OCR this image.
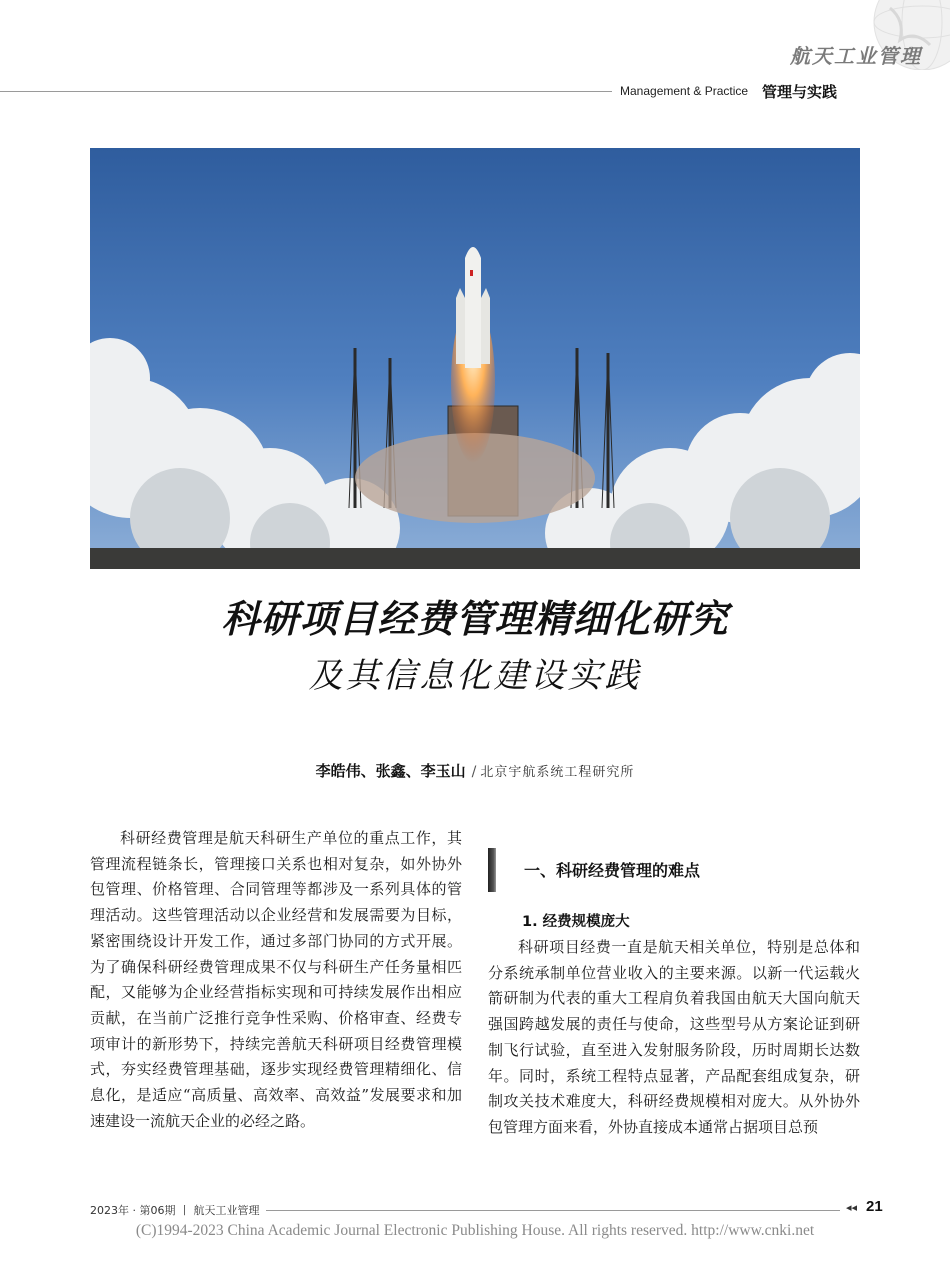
航天工业管理
Management & Practice 管理与实践
科研项目经费管理精细化研究
及其信息化建设实践
李皓伟、张鑫、李玉山 / 北京宇航系统工程研究所

科研经费管理是航天科研生产单位的重点工作，其管理流程链条长，管理接口关系也相对复杂，如外协外包管理、价格管理、合同管理等都涉及一系列具体的管理活动。这些管理活动以企业经营和发展需要为目标，紧密围绕设计开发工作，通过多部门协同的方式开展。为了确保科研经费管理成果不仅与科研生产任务量相匹配，又能够为企业经营指标实现和可持续发展作出相应贡献，在当前广泛推行竞争性采购、价格审查、经费专项审计的新形势下，持续完善航天科研项目经费管理模式，夯实经费管理基础，逐步实现经费管理精细化、信息化，是适应“高质量、高效率、高效益”发展要求和加速建设一流航天企业的必经之路。

一、科研经费管理的难点
1. 经费规模庞大

科研项目经费一直是航天相关单位，特别是总体和分系统承制单位营业收入的主要来源。以新一代运载火箭研制为代表的重大工程肩负着我国由航天大国向航天强国跨越发展的责任与使命，这些型号从方案论证到研制飞行试验，直至进入发射服务阶段，历时周期长达数年。同时，系统工程特点显著，产品配套组成复杂，研制攻关技术难度大，科研经费规模相对庞大。从外协外包管理方面来看，外协直接成本通常占据项目总预

2023年 · 第06期 丨 航天工业管理	◂◂ 21
(C)1994-2023 China Academic Journal Electronic Publishing House. All rights reserved. http://www.cnki.net
